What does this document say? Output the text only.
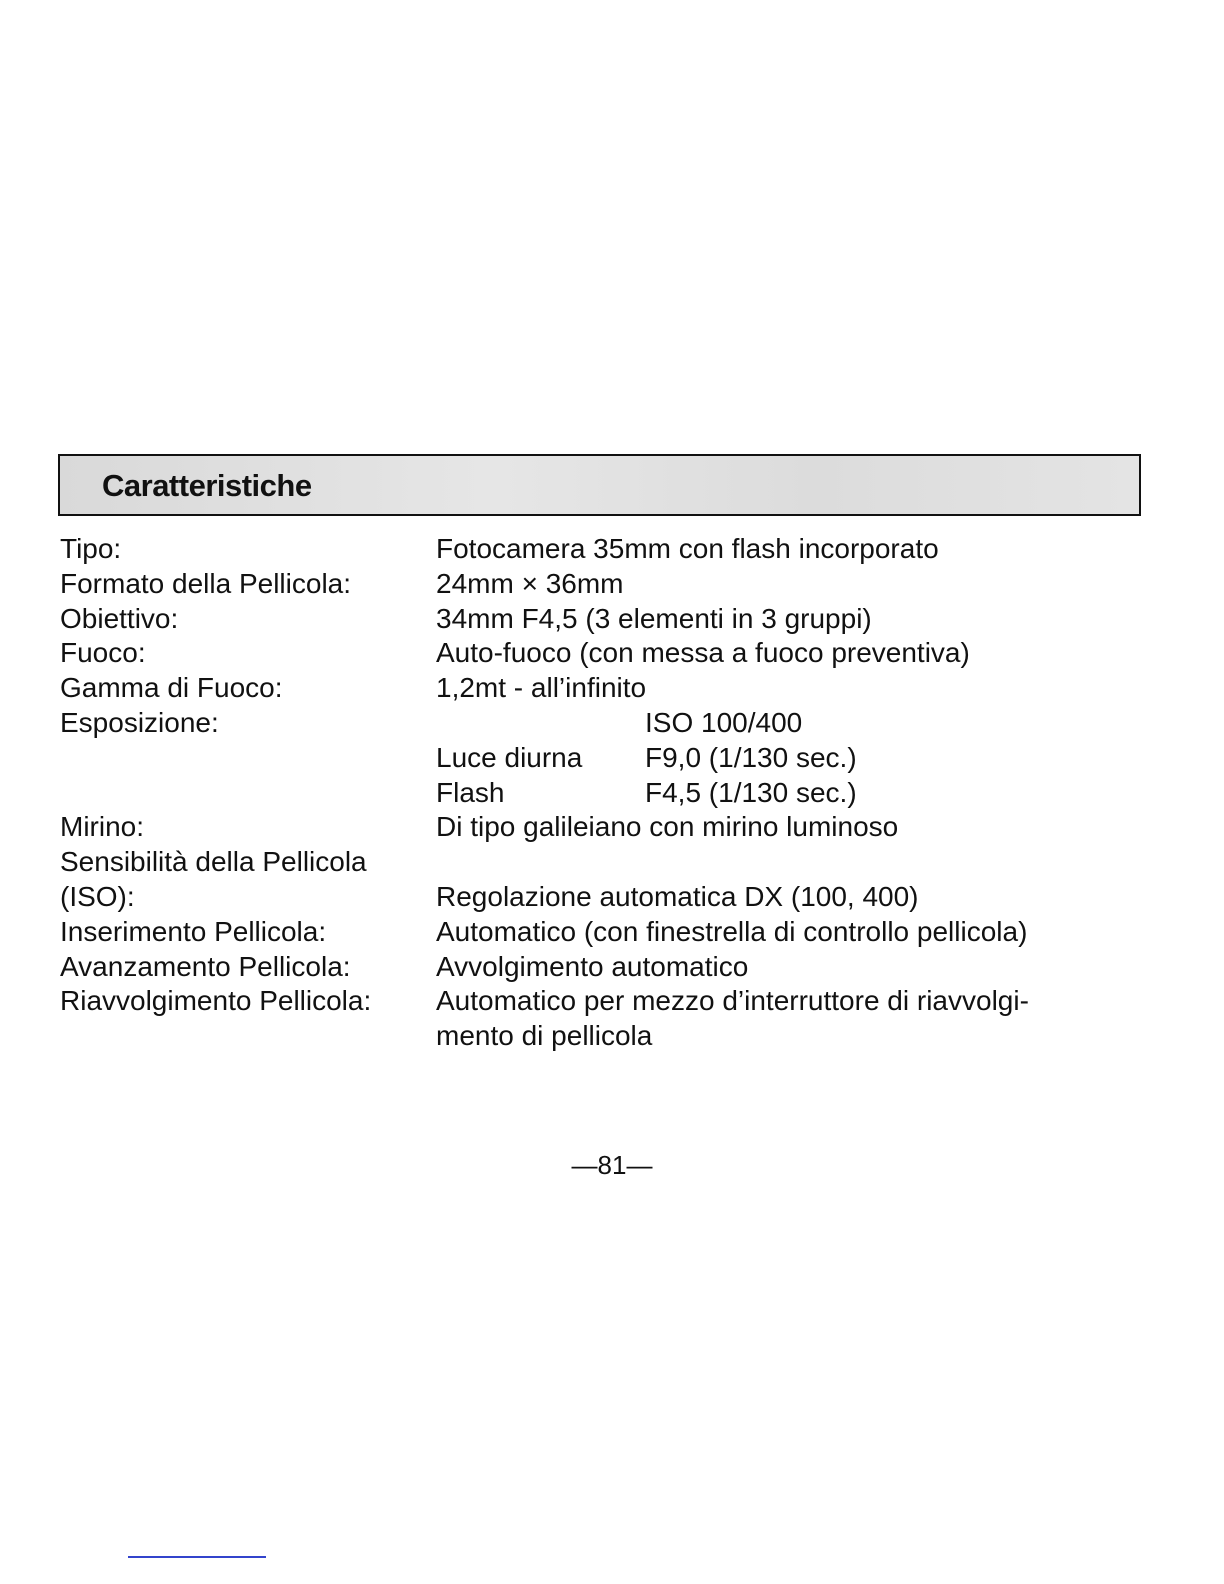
Caratteristiche
Tipo:	Fotocamera 35mm con flash incorporato
Formato della Pellicola:	24mm × 36mm
Obiettivo:	34mm F4,5 (3 elementi in 3 gruppi)
Fuoco:	Auto-fuoco (con messa a fuoco preventiva)
Gamma di Fuoco:	1,2mt - all’infinito
Esposizione:	ISO 100/400
Luce diurna	F9,0 (1/130 sec.)
Flash	F4,5 (1/130 sec.)
Mirino:	Di tipo galileiano con mirino luminoso
Sensibilità della Pellicola
(ISO):	Regolazione automatica DX (100, 400)
Inserimento Pellicola:	Automatico (con finestrella di controllo pellicola)
Avanzamento Pellicola:	Avvolgimento automatico
Riavvolgimento Pellicola:	Automatico per mezzo d’interruttore di riavvolgi-
mento di pellicola
—81—
